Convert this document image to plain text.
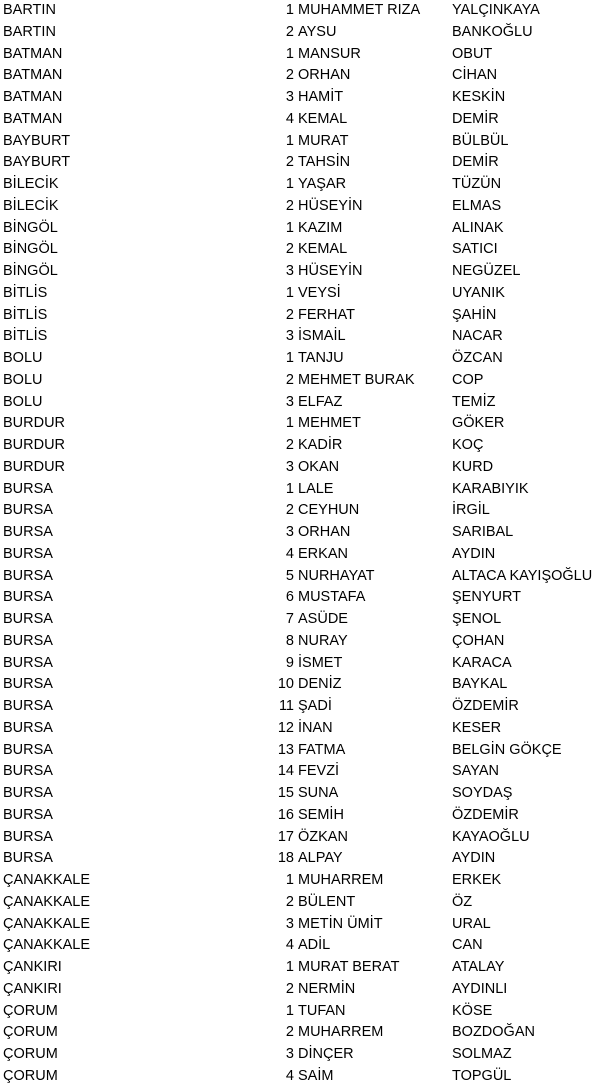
BARTIN	1 MUHAMMET RIZA	YALÇINKAYA
BARTIN	2 AYSU	BANKOĞLU
BATMAN	1 MANSUR	OBUT
BATMAN	2 ORHAN	CİHAN
BATMAN	3 HAMİT	KESKİN
BATMAN	4 KEMAL	DEMİR
BAYBURT	1 MURAT	BÜLBÜL
BAYBURT	2 TAHSİN	DEMİR
BİLECİK	1 YAŞAR	TÜZÜN
BİLECİK	2 HÜSEYİN	ELMAS
BİNGÖL	1 KAZIM	ALINAK
BİNGÖL	2 KEMAL	SATICI
BİNGÖL	3 HÜSEYİN	NEGÜZEL
BİTLİS	1 VEYSİ	UYANIK
BİTLİS	2 FERHAT	ŞAHİN
BİTLİS	3 İSMAİL	NACAR
BOLU	1 TANJU	ÖZCAN
BOLU	2 MEHMET BURAK	COP
BOLU	3 ELFAZ	TEMİZ
BURDUR	1 MEHMET	GÖKER
BURDUR	2 KADİR	KOÇ
BURDUR	3 OKAN	KURD
BURSA	1 LALE	KARABIYIK
BURSA	2 CEYHUN	İRGİL
BURSA	3 ORHAN	SARIBAL
BURSA	4 ERKAN	AYDIN
BURSA	5 NURHAYAT	ALTACA KAYIŞOĞLU
BURSA	6 MUSTAFA	ŞENYURT
BURSA	7 ASÜDE	ŞENOL
BURSA	8 NURAY	ÇOHAN
BURSA	9 İSMET	KARACA
BURSA	10 DENİZ	BAYKAL
BURSA	11 ŞADİ	ÖZDEMİR
BURSA	12 İNAN	KESER
BURSA	13 FATMA	BELGİN GÖKÇE
BURSA	14 FEVZİ	SAYAN
BURSA	15 SUNA	SOYDAŞ
BURSA	16 SEMİH	ÖZDEMİR
BURSA	17 ÖZKAN	KAYAOĞLU
BURSA	18 ALPAY	AYDIN
ÇANAKKALE	1 MUHARREM	ERKEK
ÇANAKKALE	2 BÜLENT	ÖZ
ÇANAKKALE	3 METİN ÜMİT	URAL
ÇANAKKALE	4 ADİL	CAN
ÇANKIRI	1 MURAT BERAT	ATALAY
ÇANKIRI	2 NERMİN	AYDINLI
ÇORUM	1 TUFAN	KÖSE
ÇORUM	2 MUHARREM	BOZDOĞAN
ÇORUM	3 DİNÇER	SOLMAZ
ÇORUM	4 SAİM	TOPGÜL
